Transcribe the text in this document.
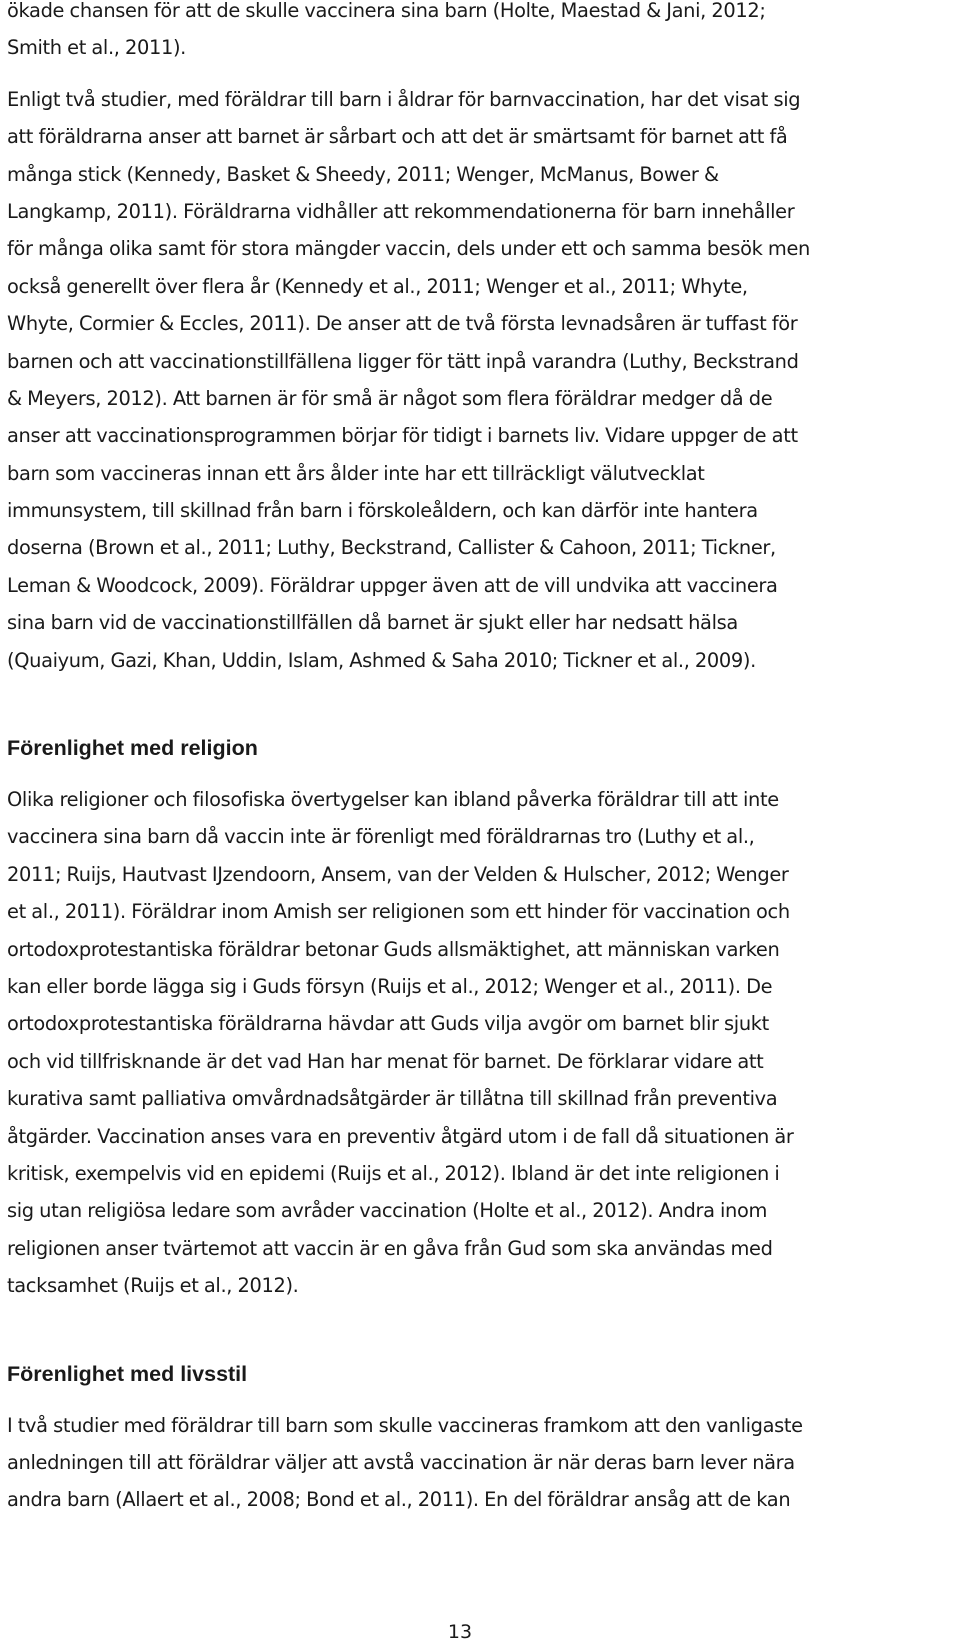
ökade chansen för att de skulle vaccinera sina barn (Holte, Maestad & Jani, 2012;
Smith et al., 2011).

Enligt två studier, med föräldrar till barn i åldrar för barnvaccination, har det visat sig
att föräldrarna anser att barnet är sårbart och att det är smärtsamt för barnet att få
många stick (Kennedy, Basket & Sheedy, 2011; Wenger, McManus, Bower &
Langkamp, 2011). Föräldrarna vidhåller att rekommendationerna för barn innehåller
för många olika samt för stora mängder vaccin, dels under ett och samma besök men
också generellt över flera år (Kennedy et al., 2011; Wenger et al., 2011; Whyte,
Whyte, Cormier & Eccles, 2011). De anser att de två första levnadsåren är tuffast för
barnen och att vaccinationstillfällena ligger för tätt inpå varandra (Luthy, Beckstrand
& Meyers, 2012). Att barnen är för små är något som flera föräldrar medger då de
anser att vaccinationsprogrammen börjar för tidigt i barnets liv. Vidare uppger de att
barn som vaccineras innan ett års ålder inte har ett tillräckligt välutvecklat
immunsystem, till skillnad från barn i förskoleåldern, och kan därför inte hantera
doserna (Brown et al., 2011; Luthy, Beckstrand, Callister & Cahoon, 2011; Tickner,
Leman & Woodcock, 2009). Föräldrar uppger även att de vill undvika att vaccinera
sina barn vid de vaccinationstillfällen då barnet är sjukt eller har nedsatt hälsa
(Quaiyum, Gazi, Khan, Uddin, Islam, Ashmed & Saha 2010; Tickner et al., 2009).

Förenlighet med religion

Olika religioner och filosofiska övertygelser kan ibland påverka föräldrar till att inte
vaccinera sina barn då vaccin inte är förenligt med föräldrarnas tro (Luthy et al.,
2011; Ruijs, Hautvast IJzendoorn, Ansem, van der Velden & Hulscher, 2012; Wenger
et al., 2011). Föräldrar inom Amish ser religionen som ett hinder för vaccination och
ortodoxprotestantiska föräldrar betonar Guds allsmäktighet, att människan varken
kan eller borde lägga sig i Guds försyn (Ruijs et al., 2012; Wenger et al., 2011). De
ortodoxprotestantiska föräldrarna hävdar att Guds vilja avgör om barnet blir sjukt
och vid tillfrisknande är det vad Han har menat för barnet. De förklarar vidare att
kurativa samt palliativa omvårdnadsåtgärder är tillåtna till skillnad från preventiva
åtgärder. Vaccination anses vara en preventiv åtgärd utom i de fall då situationen är
kritisk, exempelvis vid en epidemi (Ruijs et al., 2012). Ibland är det inte religionen i
sig utan religiösa ledare som avråder vaccination (Holte et al., 2012). Andra inom
religionen anser tvärtemot att vaccin är en gåva från Gud som ska användas med
tacksamhet (Ruijs et al., 2012).

Förenlighet med livsstil

I två studier med föräldrar till barn som skulle vaccineras framkom att den vanligaste
anledningen till att föräldrar väljer att avstå vaccination är när deras barn lever nära
andra barn (Allaert et al., 2008; Bond et al., 2011). En del föräldrar ansåg att de kan

13
